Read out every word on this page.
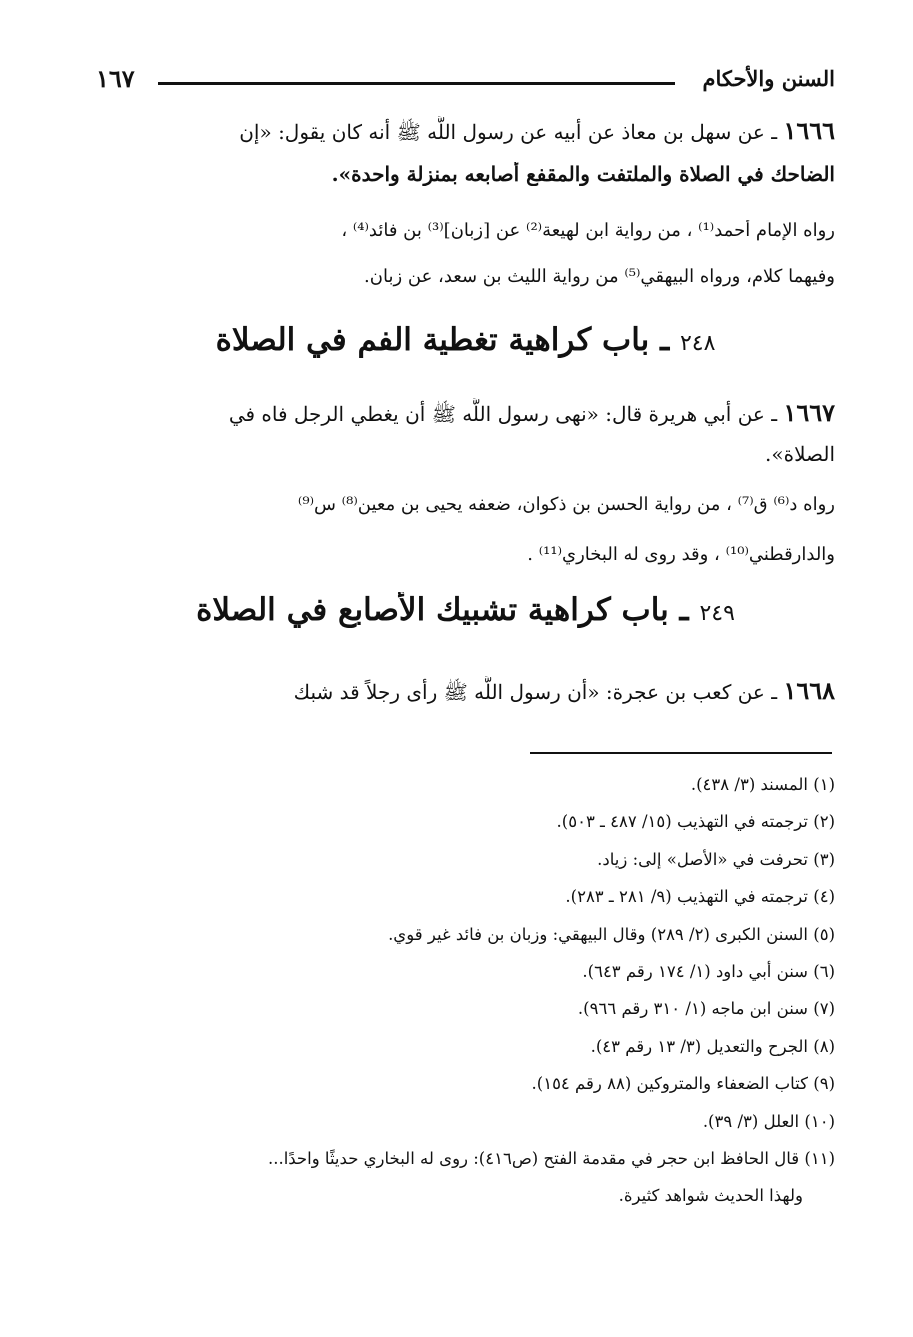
السنن والأحكام
١٦٧
١٦٦٦ ـ عن سهل بن معاذ عن أبيه عن رسول اللَّه ﷺ أنه كان يقول: «إن
الضاحك في الصلاة والملتفت والمقفع أصابعه بمنزلة واحدة».
رواه الإمام أحمد⁽¹⁾ ، من رواية ابن لهيعة⁽²⁾ عن [زبان]⁽³⁾ بن فائد⁽⁴⁾ ،
وفيهما كلام، ورواه البيهقي⁽⁵⁾ من رواية الليث بن سعد، عن زبان.
٢٤٨ ـ باب كراهية تغطية الفم في الصلاة
١٦٦٧ ـ عن أبي هريرة قال: «نهى رسول اللَّه ﷺ أن يغطي الرجل فاه في
الصلاة».
رواه د⁽⁶⁾ ق⁽⁷⁾ ، من رواية الحسن بن ذكوان، ضعفه يحيى بن معين⁽⁸⁾ س⁽⁹⁾
والدارقطني⁽¹⁰⁾ ، وقد روى له البخاري⁽¹¹⁾ .
٢٤٩ ـ باب كراهية تشبيك الأصابع في الصلاة
١٦٦٨ ـ عن كعب بن عجرة: «أن رسول اللَّه ﷺ رأى رجلاً قد شبك
(١) المسند (٣/ ٤٣٨).
(٢) ترجمته في التهذيب (١٥/ ٤٨٧ ـ ٥٠٣).
(٣) تحرفت في «الأصل» إلى: زياد.
(٤) ترجمته في التهذيب (٩/ ٢٨١ ـ ٢٨٣).
(٥) السنن الكبرى (٢/ ٢٨٩) وقال البيهقي: وزبان بن فائد غير قوي.
(٦) سنن أبي داود (١/ ١٧٤ رقم ٦٤٣).
(٧) سنن ابن ماجه (١/ ٣١٠ رقم ٩٦٦).
(٨) الجرح والتعديل (٣/ ١٣ رقم ٤٣).
(٩) كتاب الضعفاء والمتروكين (٨٨ رقم ١٥٤).
(١٠) العلل (٣/ ٣٩).
(١١) قال الحافظ ابن حجر في مقدمة الفتح (ص٤١٦): روى له البخاري حديثًا واحدًا...
ولهذا الحديث شواهد كثيرة.
